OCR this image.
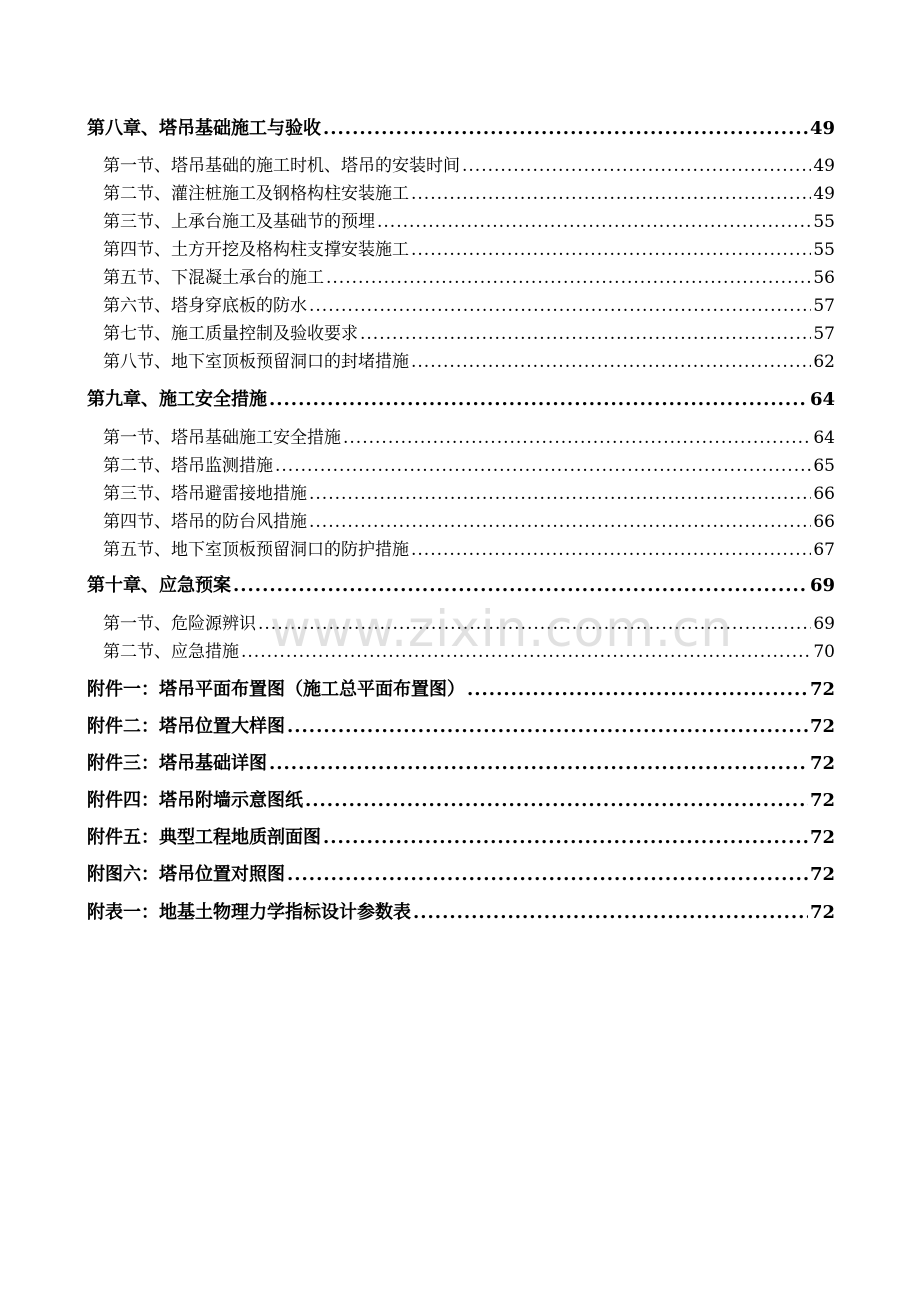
第八章、塔吊基础施工与验收 .....	49
第一节、塔吊基础的施工时机、塔吊的安装时间 .....	49
第二节、灌注桩施工及钢格构柱安装施工 .....	49
第三节、上承台施工及基础节的预埋 .....	55
第四节、土方开挖及格构柱支撑安装施工 .....	55
第五节、下混凝土承台的施工 .....	56
第六节、塔身穿底板的防水 .....	57
第七节、施工质量控制及验收要求 .....	57
第八节、地下室顶板预留洞口的封堵措施 .....	62
第九章、施工安全措施 .....	64
第一节、塔吊基础施工安全措施 .....	64
第二节、塔吊监测措施 .....	65
第三节、塔吊避雷接地措施 .....	66
第四节、塔吊的防台风措施 .....	66
第五节、地下室顶板预留洞口的防护措施 .....	67
第十章、应急预案 .....	69
第一节、危险源辨识 .....	69
第二节、应急措施 .....	70
附件一：塔吊平面布置图（施工总平面布置图） .....	72
附件二：塔吊位置大样图 .....	72
附件三：塔吊基础详图 .....	72
附件四：塔吊附墙示意图纸 .....	72
附件五：典型工程地质剖面图 .....	72
附图六：塔吊位置对照图 .....	72
附表一：地基土物理力学指标设计参数表 .....	72
www.zixin.com.cn
